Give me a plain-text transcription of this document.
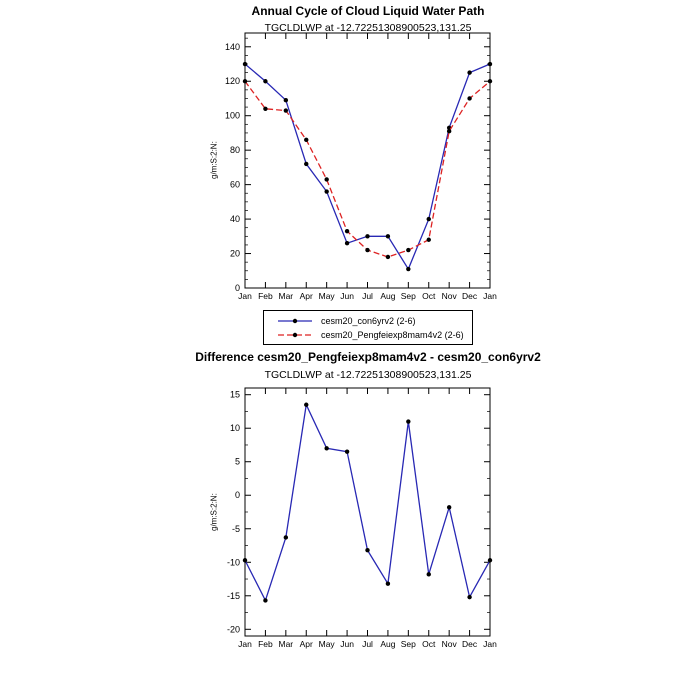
0
20
40
60
80
100
120
140
Jan Feb Mar Apr May Jun Jul Aug Sep Oct Nov Dec Jan
-20
-15
-10
-5
0
5
10
15
Jan Feb Mar Apr May Jun Jul Aug Sep Oct Nov Dec Jan
Annual Cycle of Cloud Liquid Water Path
TGCLDLWP at -12.72251308900523,131.25
g/m:S:2:N:
cesm20_con6yrv2 (2-6)
cesm20_Pengfeiexp8mam4v2 (2-6)
Difference cesm20_Pengfeiexp8mam4v2 - cesm20_con6yrv2
TGCLDLWP at -12.72251308900523,131.25
g/m:S:2:N:
